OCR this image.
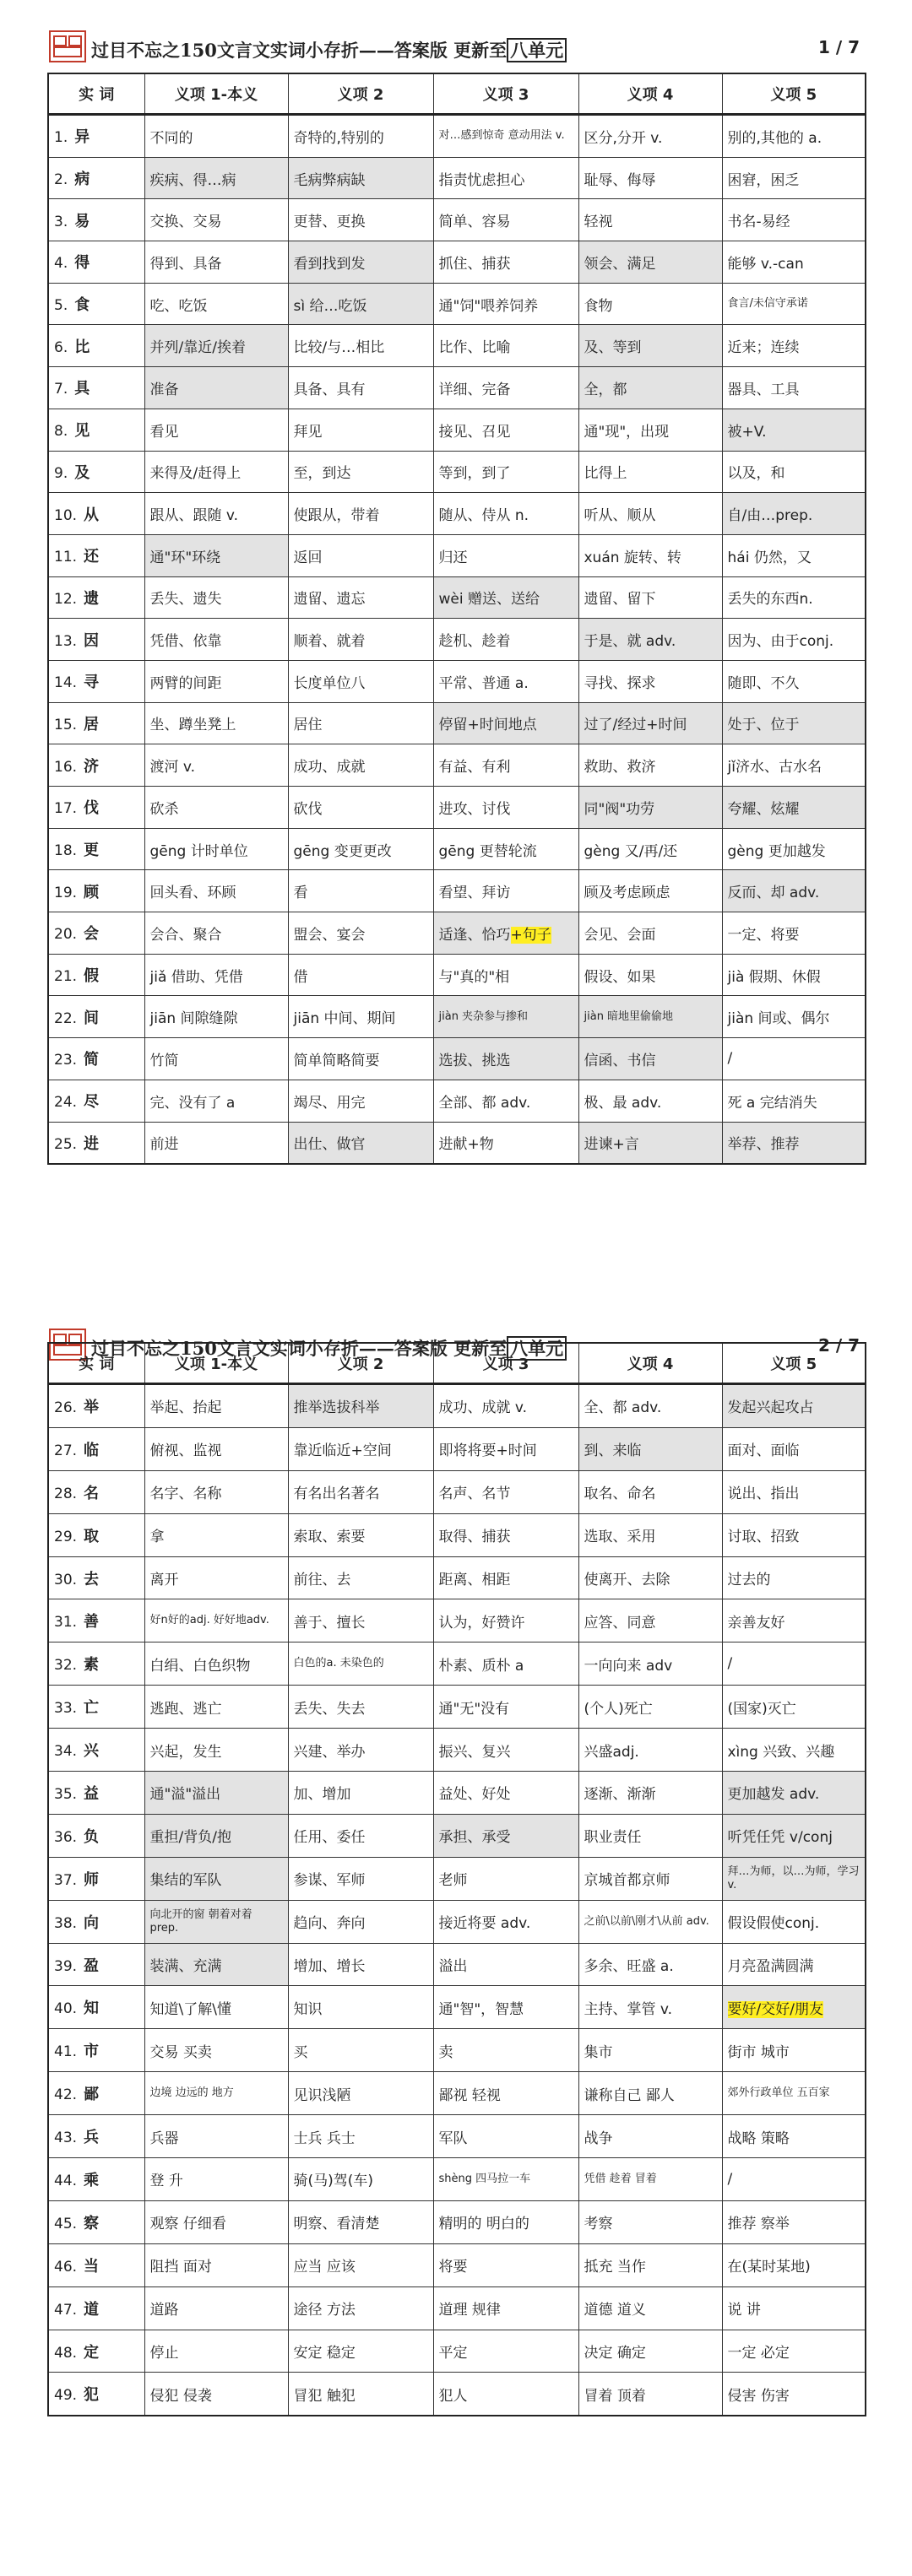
过目不忘之150文言文实词小存折——答案版 更新至 八单元	1 / 7
实 词	义项 1-本义	义项 2	义项 3	义项 4	义项 5
1. 异	不同的	奇特的,特别的	对…感到惊奇 意动用法 v.	区分,分开 v.	别的,其他的 a.
2. 病	疾病、得…病	毛病弊病缺	指责忧虑担心	耻辱、侮辱	困窘，困乏
3. 易	交换、交易	更替、更换	简单、容易	轻视	书名-易经
4. 得	得到、具备	看到找到发	抓住、捕获	领会、满足	能够 v.-can
5. 食	吃、吃饭	sì 给…吃饭	通"饲"喂养饲养	食物	食言/未信守承诺
6. 比	并列/靠近/挨着	比较/与…相比	比作、比喻	及、等到	近来；连续
7. 具	准备	具备、具有	详细、完备	全，都	器具、工具
8. 见	看见	拜见	接见、召见	通"现"，出现	被+V.
9. 及	来得及/赶得上	至，到达	等到，到了	比得上	以及，和
10. 从	跟从、跟随 v.	使跟从，带着	随从、侍从 n.	听从、顺从	自/由…prep.
11. 还	通"环"环绕	返回	归还	xuán 旋转、转	hái 仍然，又
12. 遗	丢失、遗失	遗留、遗忘	wèi 赠送、送给	遗留、留下	丢失的东西n.
13. 因	凭借、依靠	顺着、就着	趁机、趁着	于是、就 adv.	因为、由于conj.
14. 寻	两臂的间距	长度单位八	平常、普通 a.	寻找、探求	随即、不久
15. 居	坐、蹲坐凳上	居住	停留+时间地点	过了/经过+时间	处于、位于
16. 济	渡河 v.	成功、成就	有益、有利	救助、救济	jǐ济水、古水名
17. 伐	砍杀	砍伐	进攻、讨伐	同"阀"功劳	夸耀、炫耀
18. 更	gēng 计时单位	gēng 变更更改	gēng 更替轮流	gèng 又/再/还	gèng 更加越发
19. 顾	回头看、环顾	看	看望、拜访	顾及考虑顾虑	反而、却 adv.
20. 会	会合、聚合	盟会、宴会	适逢、恰巧+句子	会见、会面	一定、将要
21. 假	jiǎ 借助、凭借	借	与"真的"相	假设、如果	jià 假期、休假
22. 间	jiān 间隙缝隙	jiān 中间、期间	jiàn 夹杂参与掺和	jiàn 暗地里偷偷地	jiàn 间或、偶尔
23. 简	竹简	简单简略简要	选拔、挑选	信函、书信	/
24. 尽	完、没有了 a	竭尽、用完	全部、都 adv.	极、最 adv.	死 a 完结消失
25. 进	前进	出仕、做官	进献+物	进谏+言	举荐、推荐
过目不忘之150文言文实词小存折——答案版 更新至 八单元	2 / 7
实 词	义项 1-本义	义项 2	义项 3	义项 4	义项 5
26. 举	举起、抬起	推举选拔科举	成功、成就 v.	全、都 adv.	发起兴起攻占
27. 临	俯视、监视	靠近临近+空间	即将将要+时间	到、来临	面对、面临
28. 名	名字、名称	有名出名著名	名声、名节	取名、命名	说出、指出
29. 取	拿	索取、索要	取得、捕获	选取、采用	讨取、招致
30. 去	离开	前往、去	距离、相距	使离开、去除	过去的
31. 善	好n好的adj. 好好地adv.	善于、擅长	认为，好赞许	应答、同意	亲善友好
32. 素	白绢、白色织物	白色的a. 未染色的	朴素、质朴 a	一向向来 adv	/
33. 亡	逃跑、逃亡	丢失、失去	通"无"没有	(个人)死亡	(国家)灭亡
34. 兴	兴起，发生	兴建、举办	振兴、复兴	兴盛adj.	xìng 兴致、兴趣
35. 益	通"溢"溢出	加、增加	益处、好处	逐渐、渐渐	更加越发 adv.
36. 负	重担/背负/抱	任用、委任	承担、承受	职业责任	听凭任凭 v/conj
37. 师	集结的军队	参谋、军师	老师	京城首都京师	拜…为师，以…为师，学习 v.
38. 向	向北开的窗 朝着对着 prep.	趋向、奔向	接近将要 adv.	之前\以前\刚才\从前 adv.	假设假使conj.
39. 盈	装满、充满	增加、增长	溢出	多余、旺盛 a.	月亮盈满圆满
40. 知	知道\了解\懂	知识	通"智"，智慧	主持、掌管 v.	要好/交好/朋友
41. 市	交易 买卖	买	卖	集市	街市 城市
42. 鄙	边境 边远的 地方	见识浅陋	鄙视 轻视	谦称自己 鄙人	郊外行政单位 五百家
43. 兵	兵器	士兵 兵士	军队	战争	战略 策略
44. 乘	登 升	骑(马)驾(车)	shèng 四马拉一车	凭借 趁着 冒着	/
45. 察	观察 仔细看	明察、看清楚	精明的 明白的	考察	推荐 察举
46. 当	阻挡 面对	应当 应该	将要	抵充 当作	在(某时某地)
47. 道	道路	途径 方法	道理 规律	道德 道义	说 讲
48. 定	停止	安定 稳定	平定	决定 确定	一定 必定
49. 犯	侵犯 侵袭	冒犯 触犯	犯人	冒着 顶着	侵害 伤害
